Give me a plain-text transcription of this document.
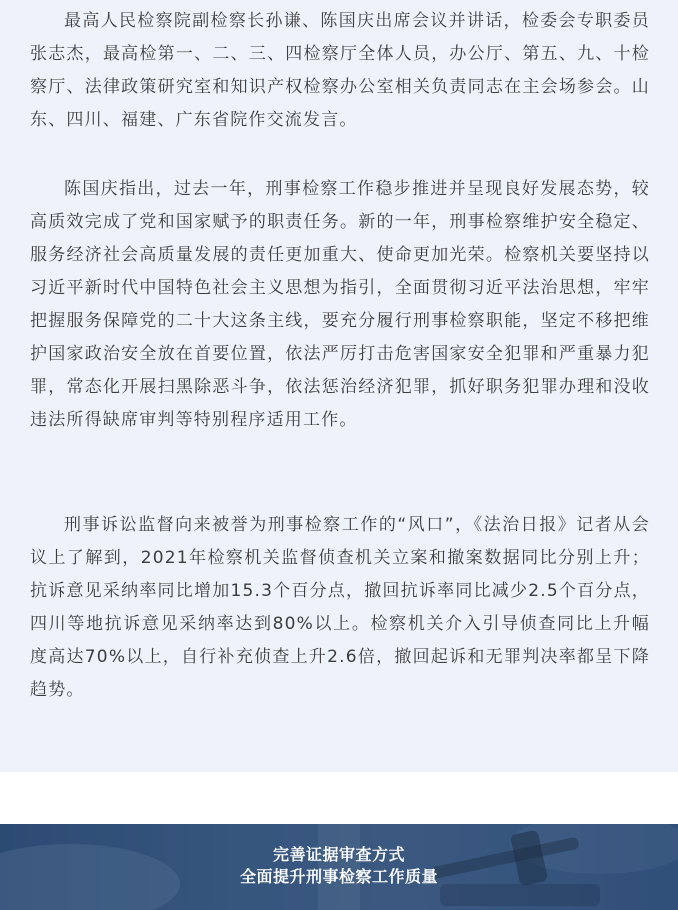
最高人民检察院副检察长孙谦、陈国庆出席会议并讲话，检委会专职委员张志杰，最高检第一、二、三、四检察厅全体人员，办公厅、第五、九、十检察厅、法律政策研究室和知识产权检察办公室相关负责同志在主会场参会。山东、四川、福建、广东省院作交流发言。

陈国庆指出，过去一年，刑事检察工作稳步推进并呈现良好发展态势，较高质效完成了党和国家赋予的职责任务。新的一年，刑事检察维护安全稳定、服务经济社会高质量发展的责任更加重大、使命更加光荣。检察机关要坚持以习近平新时代中国特色社会主义思想为指引，全面贯彻习近平法治思想，牢牢把握服务保障党的二十大这条主线，要充分履行刑事检察职能，坚定不移把维护国家政治安全放在首要位置，依法严厉打击危害国家安全犯罪和严重暴力犯罪，常态化开展扫黑除恶斗争，依法惩治经济犯罪，抓好职务犯罪办理和没收违法所得缺席审判等特别程序适用工作。

刑事诉讼监督向来被誉为刑事检察工作的“风口”，《法治日报》记者从会议上了解到，2021年检察机关监督侦查机关立案和撤案数据同比分别上升；抗诉意见采纳率同比增加15.3个百分点，撤回抗诉率同比减少2.5个百分点，四川等地抗诉意见采纳率达到80%以上。检察机关介入引导侦查同比上升幅度高达70%以上，自行补充侦查上升2.6倍，撤回起诉和无罪判决率都呈下降趋势。

完善证据审查方式
全面提升刑事检察工作质量
